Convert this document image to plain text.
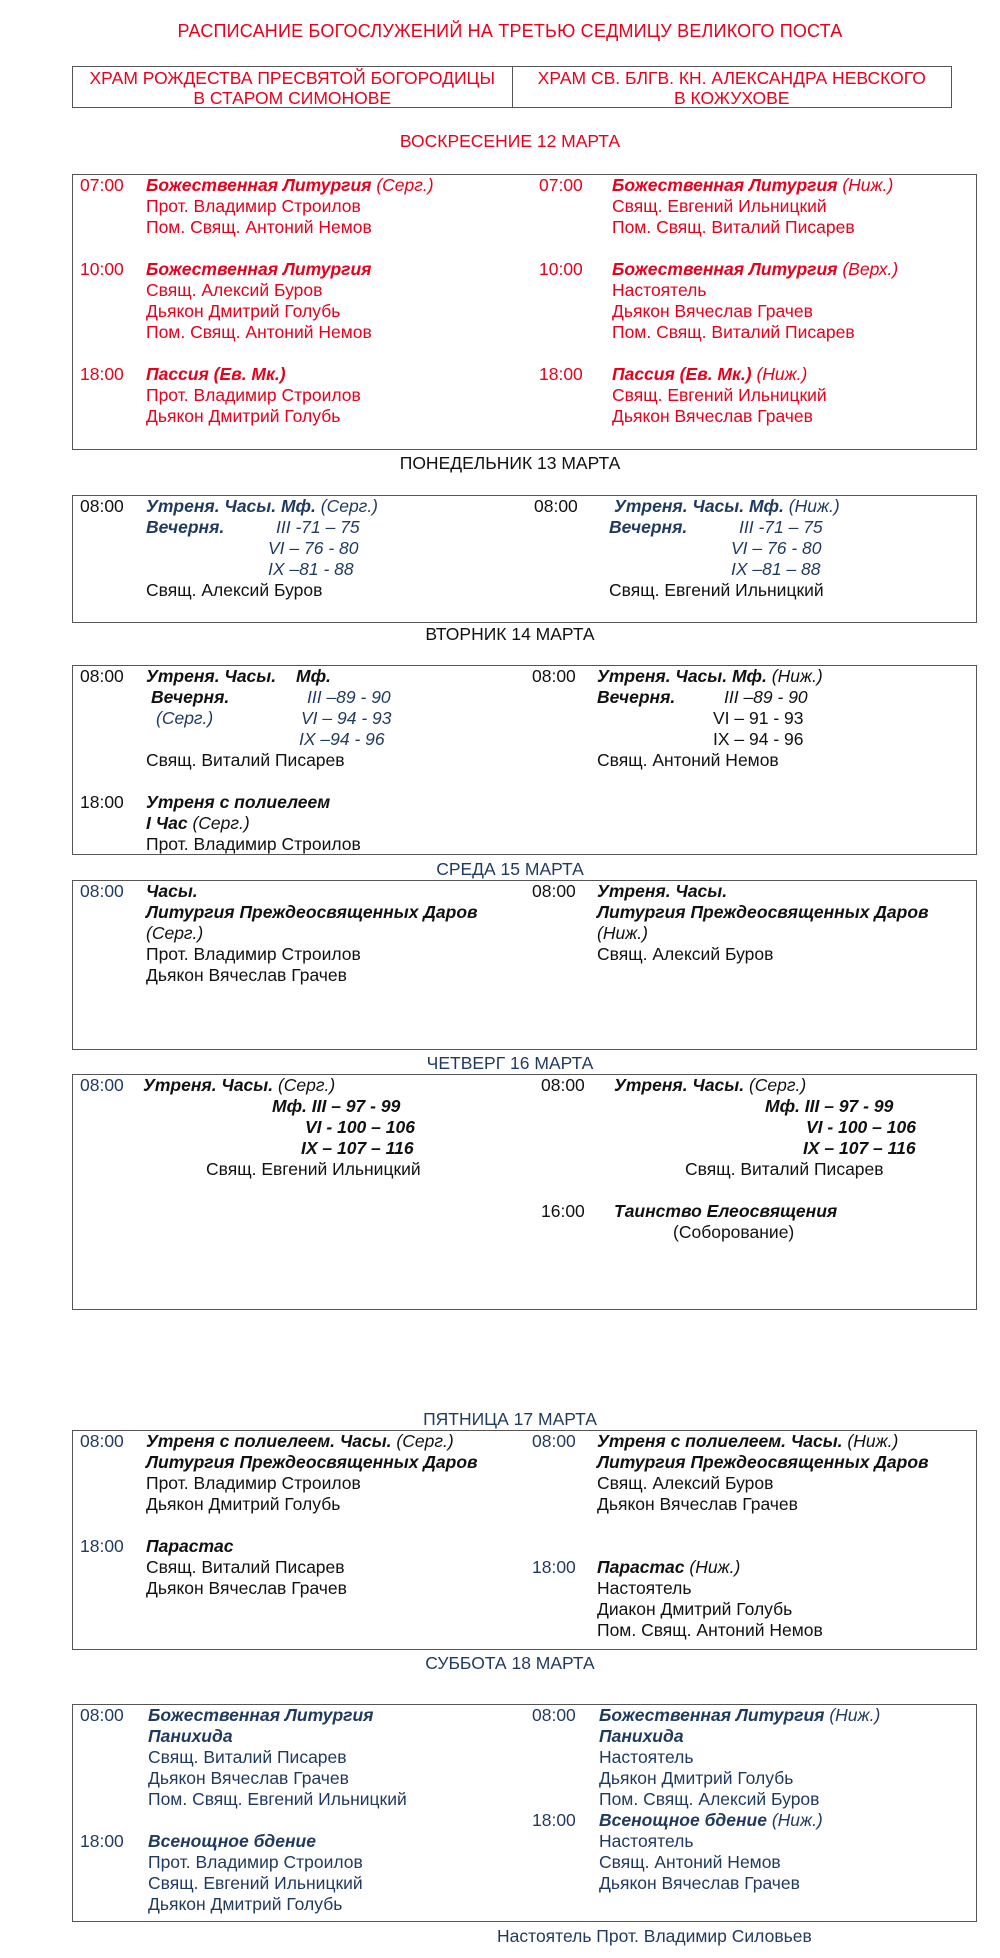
РАСПИСАНИЕ БОГОСЛУЖЕНИЙ НА ТРЕТЬЮ СЕДМИЦУ ВЕЛИКОГО ПОСТА
ХРАМ РОЖДЕСТВА ПРЕСВЯТОЙ БОГОРОДИЦЫ
В СТАРОМ СИМОНОВЕ
ХРАМ СВ. БЛГВ. КН. АЛЕКСАНДРА НЕВСКОГО
В КОЖУХОВЕ
ВОСКРЕСЕНИЕ 12 МАРТА
07:00 Божественная Литургия (Серг.)
Прот. Владимир Строилов
Пом. Свящ. Антоний Немов
10:00 Божественная Литургия
Свящ. Алексий Буров
Дьякон Дмитрий Голубь
Пом. Свящ. Антоний Немов
18:00 Пассия (Ев. Мк.)
Прот. Владимир Строилов
Дьякон Дмитрий Голубь
07:00 Божественная Литургия (Ниж.)
Свящ. Евгений Ильницкий
Пом. Свящ. Виталий Писарев
10:00 Божественная Литургия (Верх.)
Настоятель
Дьякон Вячеслав Грачев
Пом. Свящ. Виталий Писарев
18:00 Пассия (Ев. Мк.) (Ниж.)
Свящ. Евгений Ильницкий
Дьякон Вячеслав Грачев
ПОНЕДЕЛЬНИК 13 МАРТА
08:00 Утреня. Часы. Мф. (Серг.)
Вечерня.	III -71 – 75
VI – 76 - 80
IX –81 - 88
Свящ. Алексий Буров
08:00 Утреня. Часы. Мф. (Ниж.)
Вечерня.	III -71 – 75
VI – 76 - 80
IX –81 – 88
Свящ. Евгений Ильницкий
ВТОРНИК 14 МАРТА
08:00 Утреня. Часы. Мф.
Вечерня.	III –89 - 90
(Серг.)	VI – 94 - 93
IX –94 - 96
Свящ. Виталий Писарев
18:00 Утреня с полиелеем
I Час (Серг.)
Прот. Владимир Строилов
08:00 Утреня. Часы. Мф. (Ниж.)
Вечерня.	III –89 - 90
VI – 91 - 93
IX – 94 - 96
Свящ. Антоний Немов
СРЕДА 15 МАРТА
08:00 Часы.
Литургия Преждеосвященных Даров
(Серг.)
Прот. Владимир Строилов
Дьякон Вячеслав Грачев
08:00 Утреня. Часы.
Литургия Преждеосвященных Даров
(Ниж.)
Свящ. Алексий Буров
ЧЕТВЕРГ 16 МАРТА
08:00 Утреня. Часы. (Серг.)
Мф. III – 97 - 99
VI - 100 – 106
IX – 107 – 116
Свящ. Евгений Ильницкий
08:00 Утреня. Часы. (Серг.)
Мф. III – 97 - 99
VI - 100 – 106
IX – 107 – 116
Свящ. Виталий Писарев
16:00 Таинство Елеосвящения
(Соборование)
ПЯТНИЦА 17 МАРТА
08:00 Утреня с полиелеем. Часы. (Серг.)
Литургия Преждеосвященных Даров
Прот. Владимир Строилов
Дьякон Дмитрий Голубь
18:00 Парастас
Свящ. Виталий Писарев
Дьякон Вячеслав Грачев
08:00 Утреня с полиелеем. Часы. (Ниж.)
Литургия Преждеосвященных Даров
Свящ. Алексий Буров
Дьякон Вячеслав Грачев
18:00 Парастас (Ниж.)
Настоятель
Диакон Дмитрий Голубь
Пом. Свящ. Антоний Немов
СУББОТА 18 МАРТА
08:00 Божественная Литургия
Панихида
Свящ. Виталий Писарев
Дьякон Вячеслав Грачев
Пом. Свящ. Евгений Ильницкий
18:00 Всенощное бдение
Прот. Владимир Строилов
Свящ. Евгений Ильницкий
Дьякон Дмитрий Голубь
08:00 Божественная Литургия (Ниж.)
Панихида
Настоятель
Дьякон Дмитрий Голубь
Пом. Свящ. Алексий Буров
18:00 Всенощное бдение (Ниж.)
Настоятель
Свящ. Антоний Немов
Дьякон Вячеслав Грачев
Настоятель Прот. Владимир Силовьев
